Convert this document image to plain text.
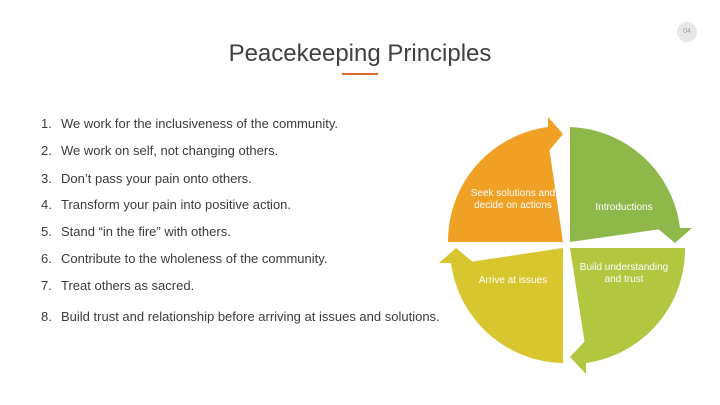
04
Peacekeeping Principles
1. We work for the inclusiveness of the community.
2. We work on self, not changing others.
3. Don’t pass your pain onto others.
4. Transform your pain into positive action.
5. Stand “in the fire” with others.
6. Contribute to the wholeness of the community.
7. Treat others as sacred.
8. Build trust and relationship before arriving at issues and solutions.
Seek solutions and decide on actions	Introductions
Build understanding and trust
Arrive at issues
